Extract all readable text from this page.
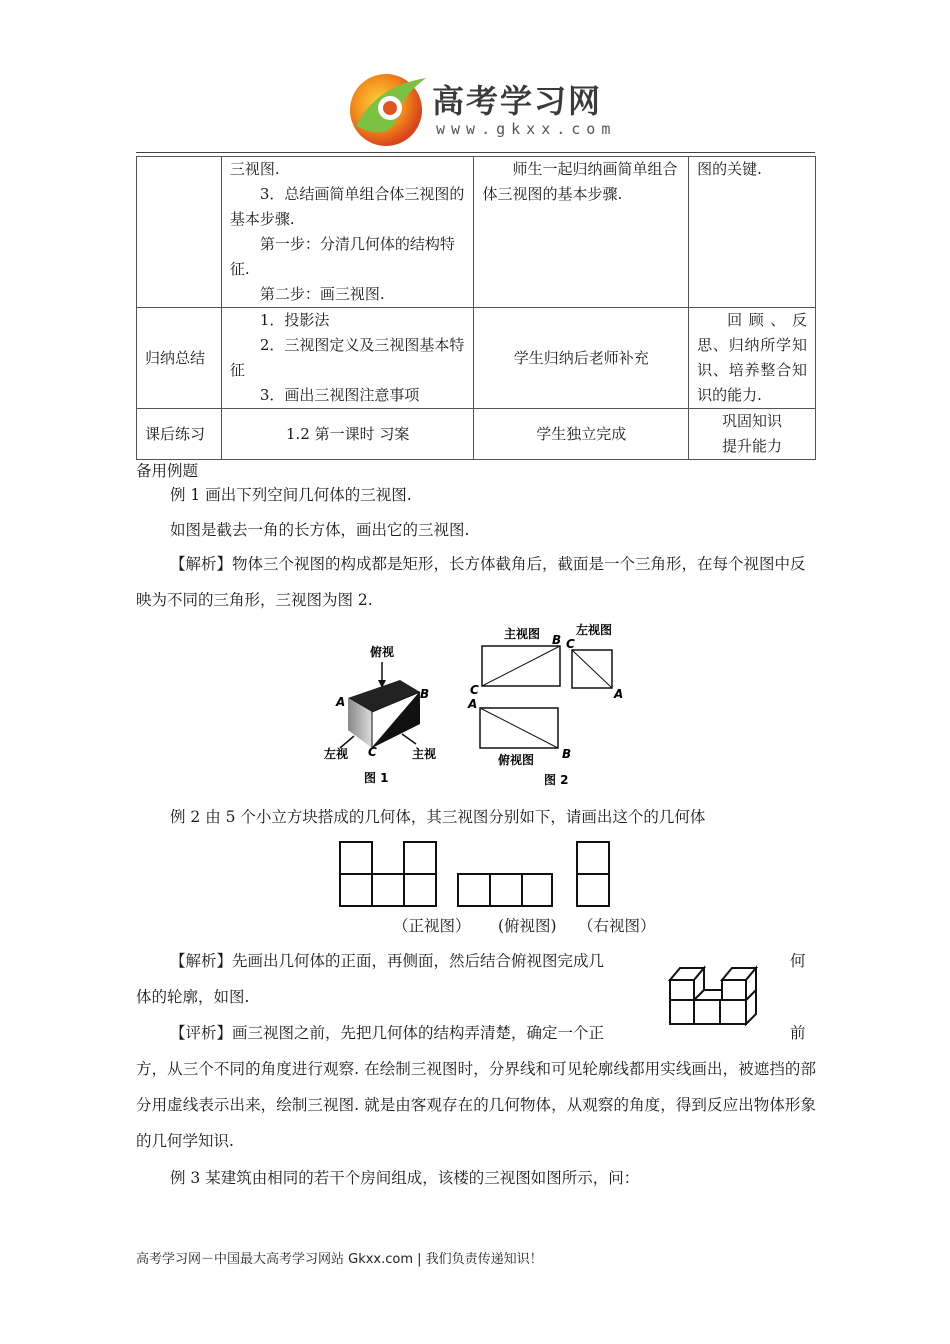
高考学习网
www.gkxx.com

	三视图.

3．总结画简单组合体三视图的基本步骤.

第一步：分清几何体的结构特征.

第二步：画三视图.	师生一起归纳画简单组合体三视图的基本步骤.	图的关键.

归纳总结	1．投影法

2．三视图定义及三视图基本特征

3．画出三视图注意事项	学生归纳后老师补充	回顾、反思、归纳所学知识、培养整合知识的能力.

课后练习	1.2 第一课时 习案	学生独立完成	巩固知识

提升能力

备用例题
例 1 画出下列空间几何体的三视图.
如图是截去一角的长方体，画出它的三视图.
【解析】物体三个视图的构成都是矩形，长方体截角后，截面是一个三角形，在每个视图中反映为不同的三角形，三视图为图 2.
俯视
A
B
C
左视	主视
图 1
主视图	左视图
B C
A
C
A
B
俯视图
图 2
例 2 由 5 个小立方块搭成的几何体，其三视图分别如下，请画出这个的几何体
（正视图） (俯视图) （右视图）
【解析】先画出几何体的正面，再侧面，然后结合俯视图完成几	何
体的轮廓，如图.
【评析】画三视图之前，先把几何体的结构弄清楚，确定一个正	前
方，从三个不同的角度进行观察. 在绘制三视图时，分界线和可见轮廓线都用实线画出，被遮挡的部分用虚线表示出来，绘制三视图. 就是由客观存在的几何物体，从观察的角度，得到反应出物体形象的几何学知识.
例 3 某建筑由相同的若干个房间组成，该楼的三视图如图所示，问：
高考学习网－中国最大高考学习网站 Gkxx.com | 我们负责传递知识！
